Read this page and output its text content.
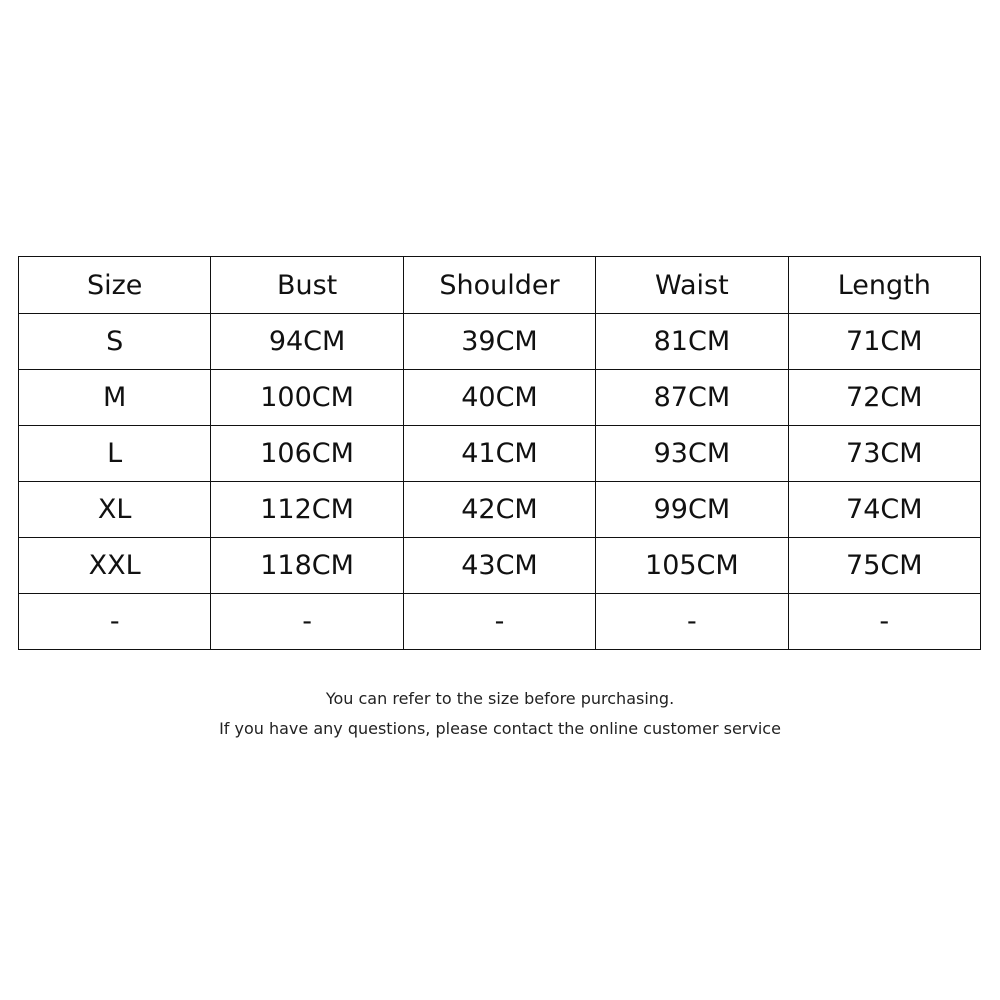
Size	Bust	Shoulder	Waist	Length
S	94CM	39CM	81CM	71CM
M	100CM	40CM	87CM	72CM
L	106CM	41CM	93CM	73CM
XL	112CM	42CM	99CM	74CM
XXL	118CM	43CM	105CM	75CM
-	-	-	-	-
You can refer to the size before purchasing.
If you have any questions, please contact the online customer service
